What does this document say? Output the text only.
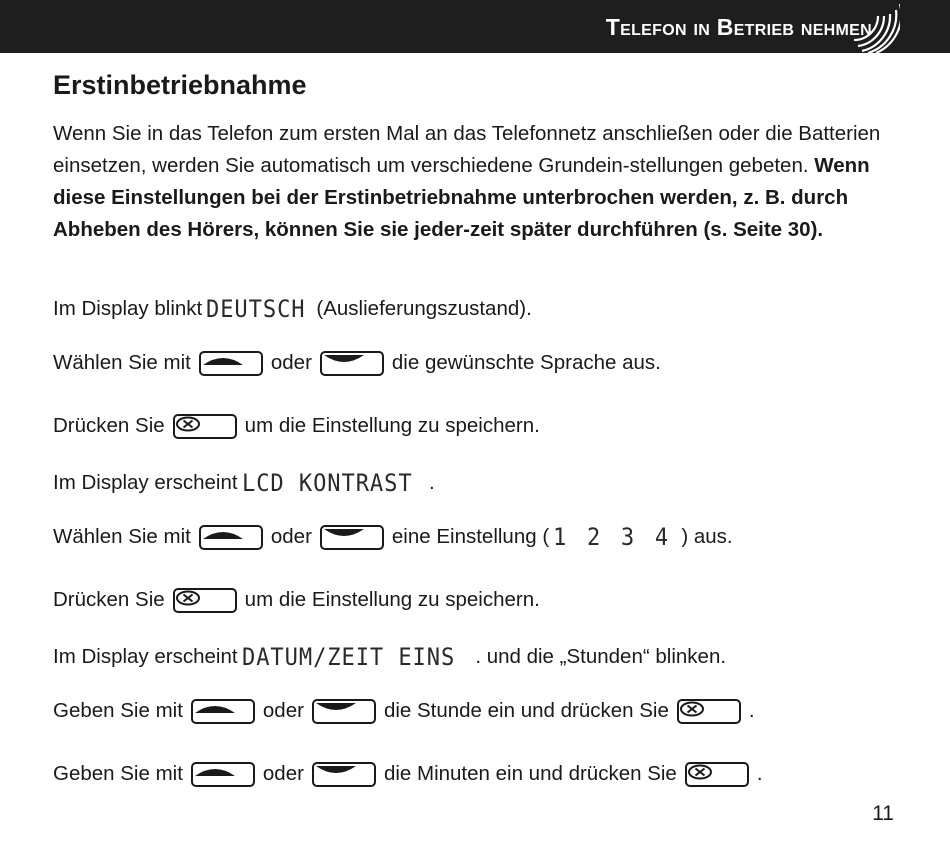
Telefon in Betrieb nehmen
Erstinbetriebnahme
Wenn Sie in das Telefon zum ersten Mal an das Telefonnetz anschließen oder die Batterien einsetzen, werden Sie automatisch um verschiedene Grundein-stellungen gebeten. Wenn diese Einstellungen bei der Erstinbetriebnahme unterbrochen werden, z. B. durch Abheben des Hörers, können Sie sie jeder-zeit später durchführen (s. Seite 30).
Im Display blinkt DEUTSCH (Auslieferungszustand).
Wählen Sie mit	oder	die gewünschte Sprache aus.
Drücken Sie	um die Einstellung zu speichern.
Im Display erscheint LCD KONTRAST .
Wählen Sie mit	oder	eine Einstellung ( 1 2 3 4 ) aus.
Drücken Sie	um die Einstellung zu speichern.
Im Display erscheint DATUM/ZEIT EINS . und die „Stunden“ blinken.
Geben Sie mit	oder	die Stunde ein und drücken Sie	.
Geben Sie mit	oder	die Minuten ein und drücken Sie	.
11
